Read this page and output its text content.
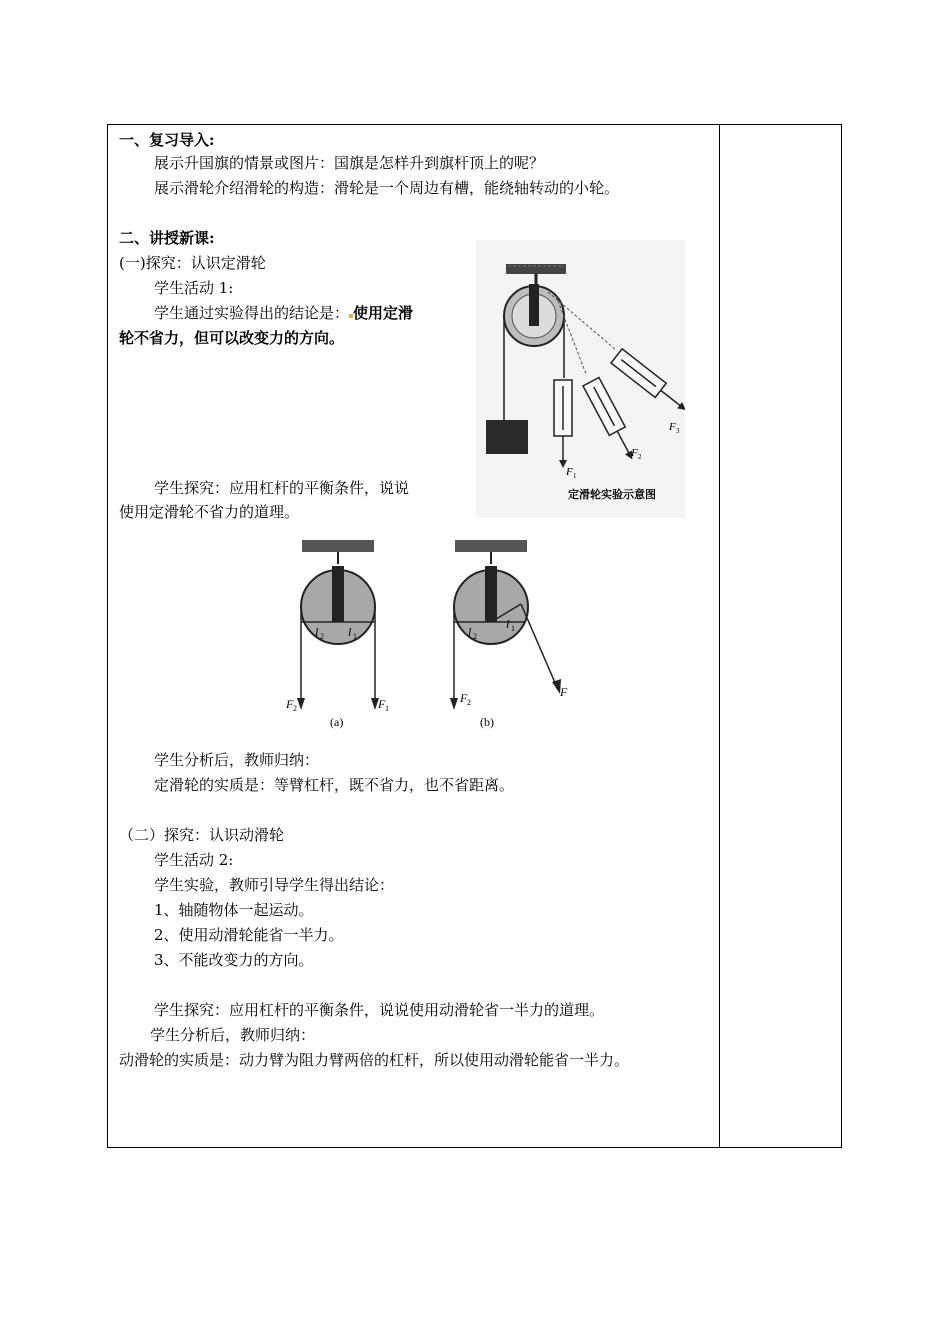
一、复习导入:
展示升国旗的情景或图片：国旗是怎样升到旗杆顶上的呢？
展示滑轮介绍滑轮的构造：滑轮是一个周边有槽，能绕轴转动的小轮。
二、讲授新课:
(一)探究：认识定滑轮
学生活动 1:
学生通过实验得出的结论是： 使用定滑
轮不省力，但可以改变力的方向。
学生探究：应用杠杆的平衡条件，说说
使用定滑轮不省力的道理。
F 1
F 2
F 3
定滑轮实验示意图
l 2 l 1
F 2	F 1
(a)
l 2
l 1
F 2
F
(b)
学生分析后，教师归纳：
定滑轮的实质是：等臂杠杆，既不省力，也不省距离。
（二）探究：认识动滑轮
学生活动 2:
学生实验，教师引导学生得出结论：
1、轴随物体一起运动。
2、使用动滑轮能省一半力。
3、不能改变力的方向。
学生探究：应用杠杆的平衡条件，说说使用动滑轮省一半力的道理。
学生分析后，教师归纳：
动滑轮的实质是：动力臂为阻力臂两倍的杠杆，所以使用动滑轮能省一半力。
